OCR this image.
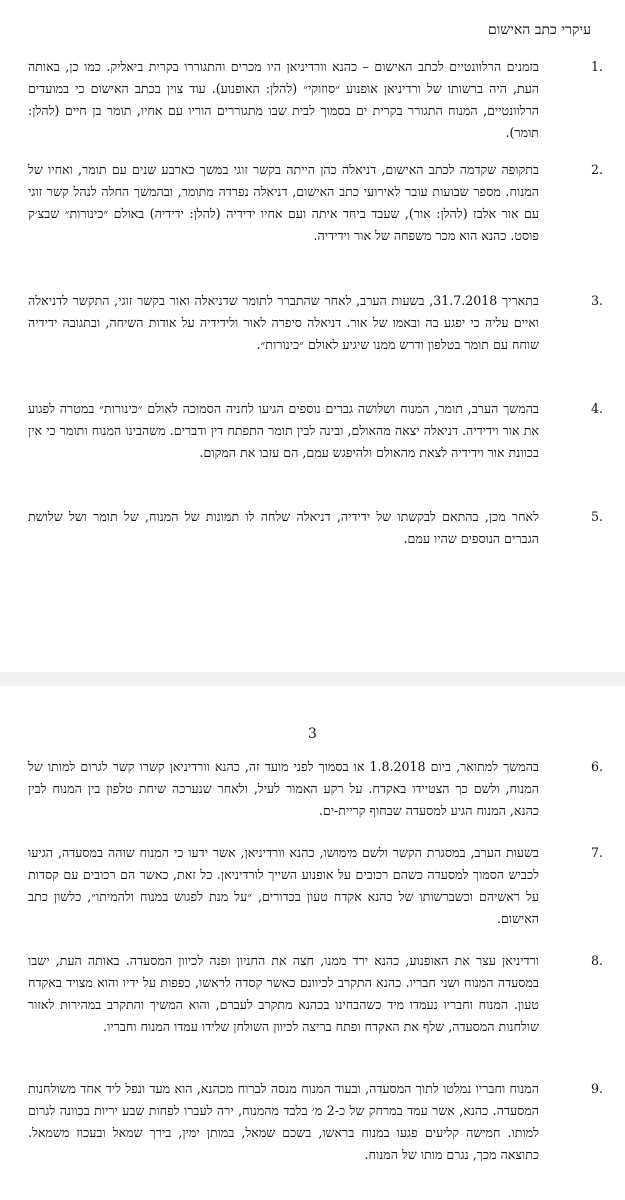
עיקרי כתב האישום
1.
בזמנים הרלוונטיים לכתב האישום – כהנא וורדיניאן היו מכרים והתגוררו בקרית ביאליק. כמו כן, באותה העת, היה ברשותו של ורדיניאן אופנוע ״סוזוקי״ (להלן: האופנוע). עוד צוין בכתב האישום כי במועדים הרלוונטיים, המנוח התגורר בקרית ים בסמוך לבית שבו מתגוררים הוריו עם אחיו, תומר בן חיים (להלן: תומר).
2.
בתקופה שקדמה לכתב האישום, דניאלה כהן הייתה בקשר זוגי במשך כארבע שנים עם תומר, ואחיו של המנוח. מספר שבועות עובר לאירועי כתב האישום, דניאלה נפרדה מתומר, ובהמשך החלה לנהל קשר זוגי עם אור אלבז (להלן: אור), שעבד ביחד איתה ועם אחיו ידידיה (להלן: ידידיה) באולם ״כינורות״ שבצ׳ק פוסט. כהנא הוא מכר משפחה של אור וידידיה.
3.
בתאריך 31.7.2018, בשעות הערב, לאחר שהתברר לתומר שדניאלה ואור בקשר זוגי, התקשר לדניאלה ואיים עליה כי יפגע בה ובאמו של אור. דניאלה סיפרה לאור ולידידיה על אודות השיחה, ובתגובה ידידיה שוחח עם תומר בטלפון ודרש ממנו שיגיע לאולם ״כינורות״.
4.
בהמשך הערב, תומר, המנוח ושלושה גברים נוספים הגיעו לחניה הסמוכה לאולם ״כינורות״ במטרה לפגוע את אור וידידיה. דניאלה יצאה מהאולם, ובינה לבין תומר התפתח דין ודברים. משהבינו המנוח ותומר כי אין בכוונת אור וידידיה לצאת מהאולם ולהיפגש עמם, הם עזבו את המקום.
5.
לאחר מכן, בהתאם לבקשתו של ידידיה, דניאלה שלחה לו תמונות של המנוח, של תומר ושל שלושת הגברים הנוספים שהיו עמם.
3
6.
בהמשך למתואר, ביום 1.8.2018 או בסמוך לפני מועד זה, כהנא וורדיניאן קשרו קשר לגרום למותו של המנוח, ולשם כך הצטיידו באקדח. על רקע האמור לעיל, ולאחר שנערכה שיחת טלפון בין המנוח לבין כהנא, המנוח הגיע למסעדה שבחוף קריית-ים.
7.
בשעות הערב, במסגרת הקשר ולשם מימושו, כהנא וורדיניאן, אשר ידעו כי המנוח שוהה במסעדה, הגיעו לכביש הסמוך למסעדה כשהם רכובים על אופנוע השייך לורדיניאן. כל זאת, כאשר הם רכובים עם קסדות על ראשיהם וכשברשותו של כהנא אקדח טעון בכדורים, ״על מנת לפגוש במנוח ולהמיתו״, כלשון כתב האישום.
8.
ורדיניאן עצר את האופנוע, כהנא ירד ממנו, חצה את החניון ופנה לכיוון המסעדה. באותה העת, ישבו במסעדה המנוח ושני חבריו. כהנא התקרב לכיוונם כאשר קסדה לראשו, כפפות על ידיו והוא מצויד באקדח טעון. המנוח וחבריו נעמדו מיד כשהבחינו בכהנא מתקרב לעברם, והוא המשיך והתקרב במהירות לאזור שולחנות המסעדה, שלף את האקדח ופתח בריצה לכיוון השולחן שלידו עמדו המנוח וחבריו.
9.
המנוח וחבריו נמלטו לתוך המסעדה, ובעוד המנוח מנסה לברוח מכהנא, הוא מעד ונפל ליד אחד משולחנות המסעדה. כהנא, אשר עמד במרחק של כ-2 מ׳ בלבד מהמנוח, ירה לעברו לפחות שבע יריות בכוונה לגרום למותו. חמישה קליעים פגעו במנוח בראשו, בשכם שמאל, במותן ימין, בירך שמאל ובעכוז משמאל. כתוצאה מכך, נגרם מותו של המנוח.
